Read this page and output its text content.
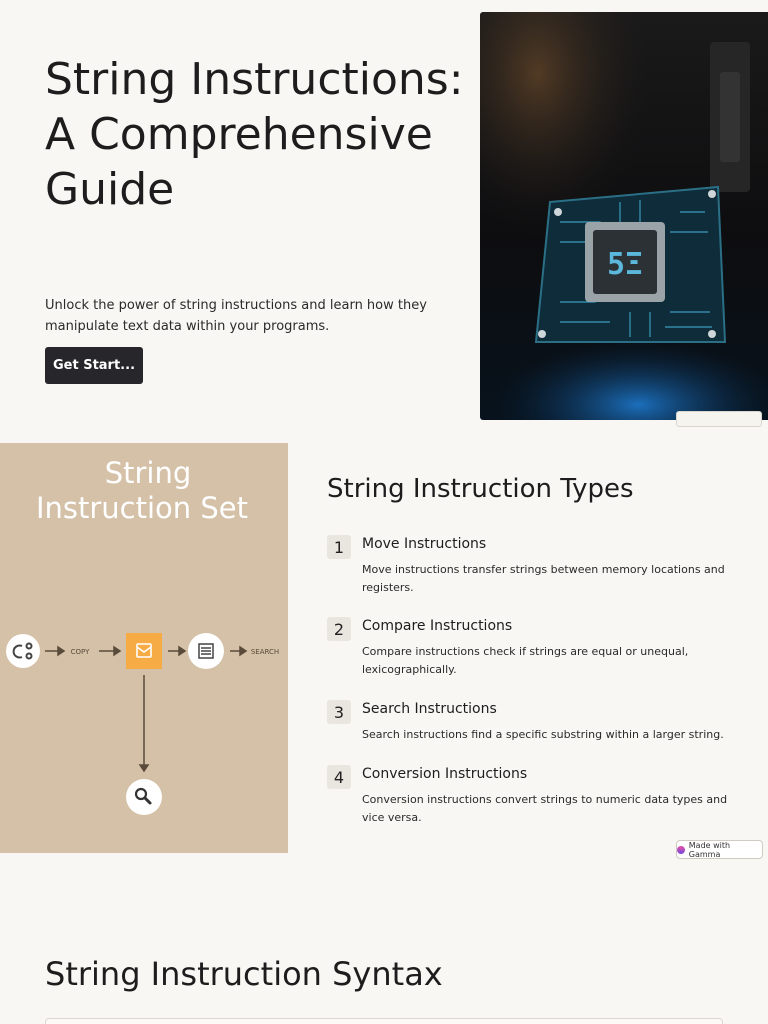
String Instructions: A Comprehensive Guide

Unlock the power of string instructions and learn how they manipulate text data within your programs.

Get Start...
5Ξ
String
Instruction Set
COPY	SEARCH
String Instruction Types
1	Move Instructions
Move instructions transfer strings between memory locations and registers.
2	Compare Instructions
Compare instructions check if strings are equal or unequal, lexicographically.
3	Search Instructions
Search instructions find a specific substring within a larger string.
4	Conversion Instructions
Conversion instructions convert strings to numeric data types and vice versa.
Made with Gamma
String Instruction Syntax
